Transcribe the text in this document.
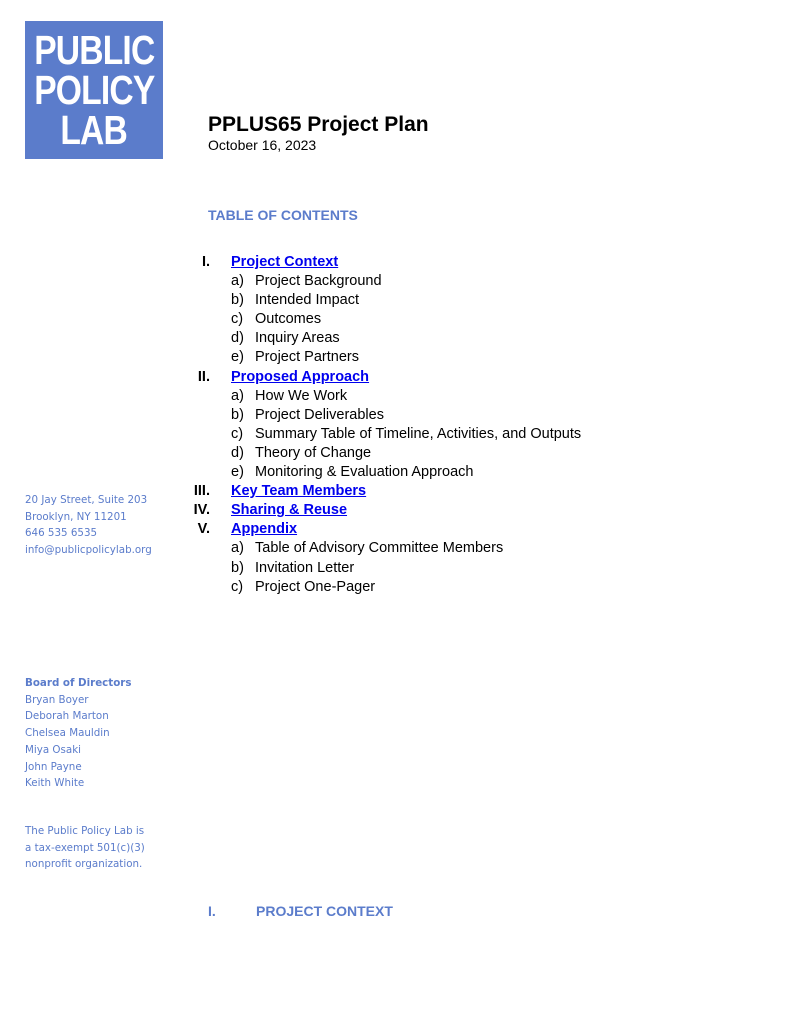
PUBLIC
POLICY
LAB	PPLUS65 Project Plan
October 16, 2023
TABLE OF CONTENTS
I. Project Context
a) Project Background
b) Intended Impact
c) Outcomes
d) Inquiry Areas
e) Project Partners
II. Proposed Approach
a) How We Work
b) Project Deliverables
c) Summary Table of Timeline, Activities, and Outputs
d) Theory of Change
e) Monitoring & Evaluation Approach
III. Key Team Members
IV. Sharing & Reuse
V. Appendix
a) Table of Advisory Committee Members
b) Invitation Letter
c) Project One-Pager
20 Jay Street, Suite 203
Brooklyn, NY 11201
646 535 6535
info@publicpolicylab.org
Board of Directors
Bryan Boyer
Deborah Marton
Chelsea Mauldin
Miya Osaki
John Payne
Keith White
The Public Policy Lab is
a tax-exempt 501(c)(3)
nonprofit organization.
I.	PROJECT CONTEXT
